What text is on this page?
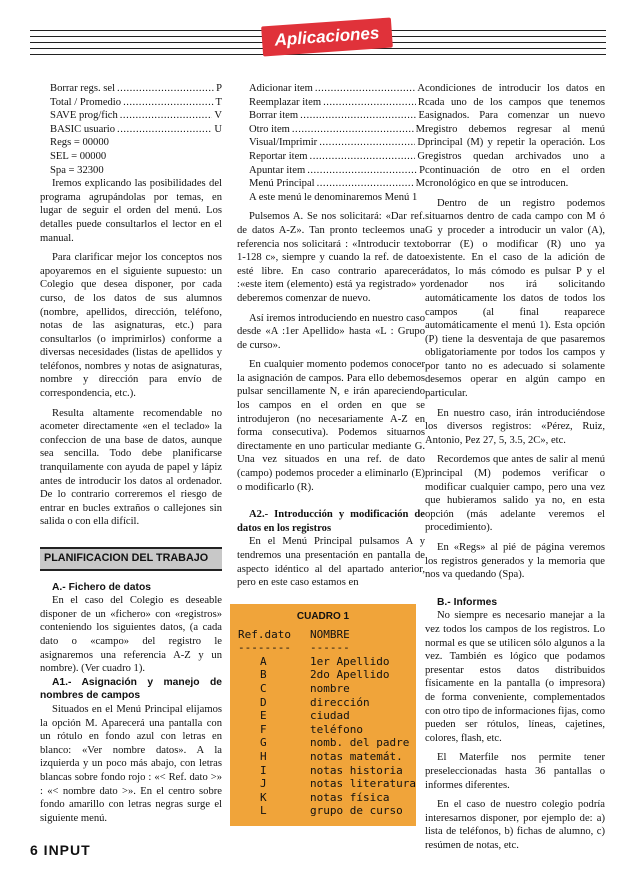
Aplicaciones
Borrar regs. sel .....	P
Total / Promedio .....	T
SAVE prog/fich .....	V
BASIC usuario .....	U

Regs = 00000

SEL = 00000

Spa = 32300

Iremos explicando las posibilidades del programa agrupándolas por temas, en lugar de seguir el orden del menú. Los detalles puede consultarlos el lector en el manual.

Para clarificar mejor los conceptos nos apoyaremos en el siguiente supuesto: un Colegio que desea disponer, por cada curso, de los datos de sus alumnos (nombre, apellidos, dirección, teléfono, notas de las asignaturas, etc.) para consultarlos (o imprimirlos) conforme a diversas necesidades (listas de apellidos y teléfonos, nombres y notas de asignaturas, nombre y dirección para envío de correspondencia, etc.).

Resulta altamente recomendable no acometer directamente «en el teclado» la confeccion de una base de datos, aunque sea sencilla. Todo debe planificarse tranquilamente con ayuda de papel y lápiz antes de introducir los datos al ordenador. De lo contrario correremos el riesgo de entrar en bucles extraños o callejones sin salida o con ella difícil.

PLANIFICACION DEL TRABAJO

A.- Fichero de datos

En el caso del Colegio es deseable disponer de un «fichero» con «registros» conteniendo los siguientes datos, (a cada dato o «campo» del registro le asignaremos una referencia A-Z y un nombre). (Ver cuadro 1).

A1.- Asignación y manejo de nombres de campos

Situados en el Menú Principal elijamos la opción M. Aparecerá una pantalla con un rótulo en fondo azul con letras en blanco: «Ver nombre datos». A la izquierda y un poco más abajo, con letras blancas sobre fondo rojo : «< Ref. dato >» : «< nombre dato >». En el centro sobre fondo amarillo con letras negras surge el siguiente menú.

Adicionar item .....	A
Reemplazar item .....	R
Borrar item .....	E
Otro item .....	M
Visual/Imprimir .....	D
Reportar item .....	G
Apuntar item .....	P
Menú Principal .....	M

A este menú le denominaremos Menú 1

Pulsemos A. Se nos solicitará: «Dar ref. de datos A-Z». Tan pronto tecleemos una referencia nos solicitará : «Introducir texto 1-128 c», siempre y cuando la ref. de dato esté libre. En caso contrario aparecerá :«este item (elemento) está ya registrado» y deberemos comenzar de nuevo.

Así iremos introduciendo en nuestro caso desde «A :1er Apellido» hasta «L : Grupo de curso».

En cualquier momento podemos conocer la asignación de campos. Para ello debemos pulsar sencillamente N, e irán apareciendo los campos en el orden en que se introdujeron (no necesariamente A-Z en forma consecutiva). Podemos situarnos directamente en uno particular mediante G. Una vez situados en una ref. de dato (campo) podemos proceder a eliminarlo (E) o modificarlo (R).

A2.- Introducción y modificación de datos en los registros

En el Menú Principal pulsamos A y tendremos una presentación en pantalla de aspecto idéntico al del apartado anterior, pero en este caso estamos en

CUADRO 1
Ref.dato	NOMBRE
--------	------
A	1er Apellido
B	2do Apellido
C	nombre
D	dirección
E	ciudad
F	teléfono
G	nomb. del padre
H	notas matemát.
I	notas historia
J	notas literatura
K	notas física
L	grupo de curso

condiciones de introducir los datos en cada uno de los campos que tenemos asignados. Para comenzar un nuevo registro debemos regresar al menú principal (M) y repetir la operación. Los registros quedan archivados uno a continuación de otro en el orden cronológico en que se introducen.

Dentro de un registro podemos situarnos dentro de cada campo con M ó G y proceder a introducir un valor (A), borrar (E) o modificar (R) uno ya existente. En el caso de la adición de datos, lo más cómodo es pulsar P y el ordenador nos irá solicitando automáticamente los datos de todos los campos (al final reaparece automáticamente el menú 1). Esta opción (P) tiene la desventaja de que pasaremos obligatoriamente por todos los campos y por tanto no es adecuado si solamente desemos operar en algún campo en particular.

En nuestro caso, irán introduciéndose los diversos registros: «Pérez, Ruiz, Antonio, Pez 27, 5, 3.5, 2C», etc.

Recordemos que antes de salir al menú principal (M) podemos verificar o modificar cualquier campo, pero una vez que hubieramos salido ya no, en esta opción (más adelante veremos el procedimiento).

En «Regs» al pié de página veremos los registros generados y la memoria que nos va quedando (Spa).

B.- Informes

No siempre es necesario manejar a la vez todos los campos de los registros. Lo normal es que se utilicen sólo algunos a la vez. También es lógico que podamos presentar estos datos distribuidos físicamente en la pantalla (o impresora) de forma conveniente, complementados con otro tipo de informaciones fijas, como pueden ser rótulos, líneas, cajetines, colores, flash, etc.

El Materfile nos permite tener preseleccionadas hasta 36 pantallas o informes diferentes.

En el caso de nuestro colegio podría interesarnos disponer, por ejemplo de: a) lista de teléfonos, b) fichas de alumno, c) resúmen de notas, etc.

6 INPUT
